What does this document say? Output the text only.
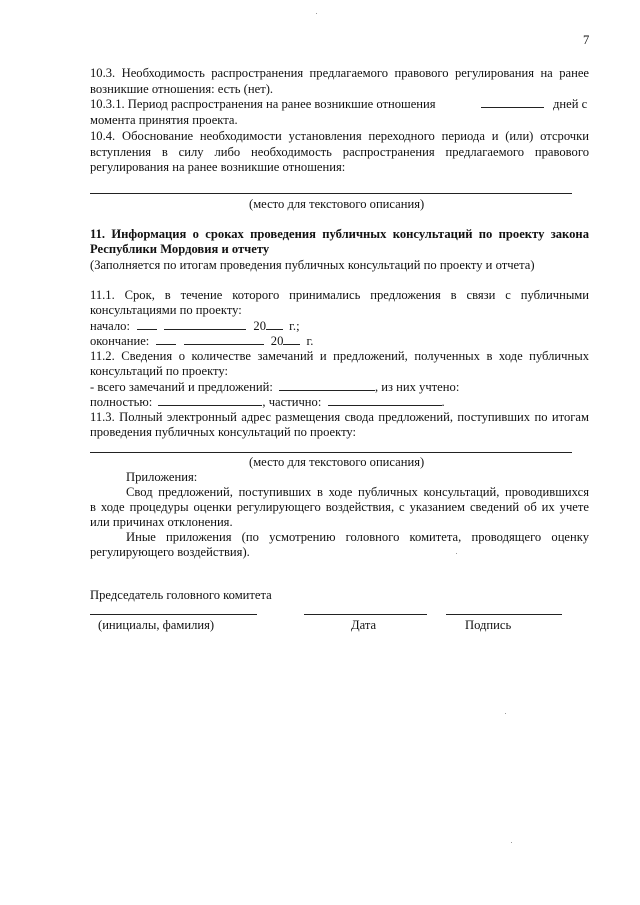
7
10.3. Необходимость распространения предлагаемого правового регулирования на ранее
возникшие отношения: есть (нет).
10.3.1. Период распространения на ранее возникшие отношения	дней с
момента принятия проекта.
10.4. Обоснование необходимости установления переходного периода и (или) отсрочки
вступления в силу либо необходимость распространения предлагаемого правового
регулирования на ранее возникшие отношения:
(место для текстового описания)
11. Информация о сроках проведения публичных консультаций по проекту закона
Республики Мордовия и отчету
(Заполняется по итогам проведения публичных консультаций по проекту и отчета)
11.1. Срок, в течение которого принимались предложения в связи с публичными
консультациями по проекту:
начало:	20 г.;
окончание:	20 г.
11.2. Сведения о количестве замечаний и предложений, полученных в ходе публичных
консультаций по проекту:
- всего замечаний и предложений:	, из них учтено:
полностью:	, частично:	.
11.3. Полный электронный адрес размещения свода предложений, поступивших по итогам
проведения публичных консультаций по проекту:
(место для текстового описания)
Приложения:
Свод предложений, поступивших в ходе публичных консультаций, проводившихся
в ходе процедуры оценки регулирующего воздействия, с указанием сведений об их учете
или причинах отклонения.
Иные приложения (по усмотрению головного комитета, проводящего оценку
регулирующего воздействия).
Председатель головного комитета
(инициалы, фамилия)	Дата	Подпись
